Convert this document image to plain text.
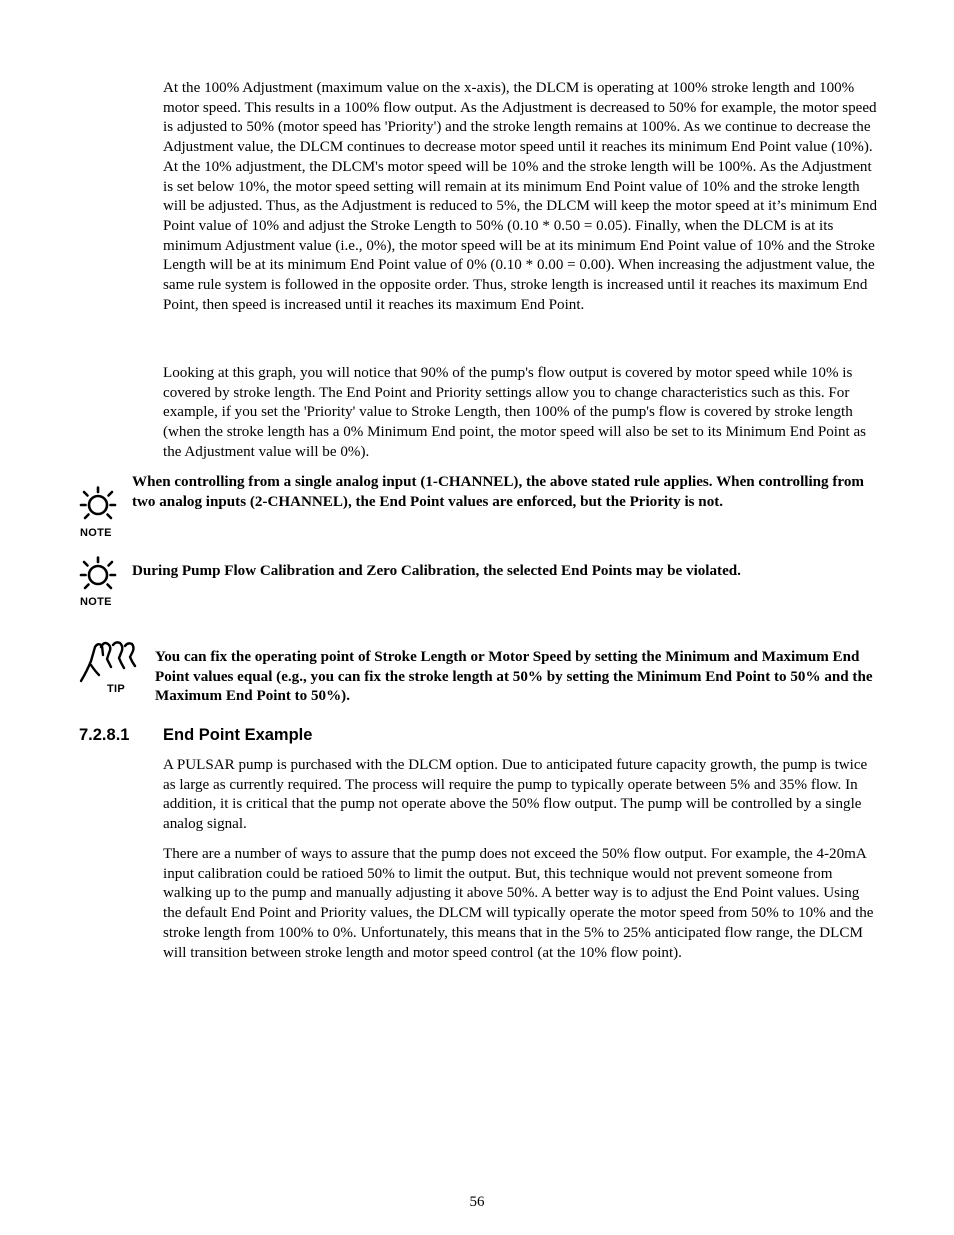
At the 100% Adjustment (maximum value on the x-axis), the DLCM is operating at 100% stroke length and 100% motor speed. This results in a 100% flow output. As the Adjustment is decreased to 50% for example, the motor speed is adjusted to 50% (motor speed has 'Priority') and the stroke length remains at 100%. As we continue to decrease the Adjustment value, the DLCM continues to decrease motor speed until it reaches its minimum End Point value (10%). At the 10% adjustment, the DLCM's motor speed will be 10% and the stroke length will be 100%. As the Adjustment is set below 10%, the motor speed setting will remain at its minimum End Point value of 10% and the stroke length will be adjusted. Thus, as the Adjustment is reduced to 5%, the DLCM will keep the motor speed at it’s minimum End Point value of 10% and adjust the Stroke Length to 50% (0.10 * 0.50 = 0.05). Finally, when the DLCM is at its minimum Adjustment value (i.e., 0%), the motor speed will be at its minimum End Point value of 10% and the Stroke Length will be at its minimum End Point value of 0% (0.10 * 0.00 = 0.00). When increasing the adjustment value, the same rule system is followed in the opposite order. Thus, stroke length is increased until it reaches its maximum End Point, then speed is increased until it reaches its maximum End Point.

Looking at this graph, you will notice that 90% of the pump's flow output is covered by motor speed while 10% is covered by stroke length. The End Point and Priority settings allow you to change characteristics such as this. For example, if you set the 'Priority' value to Stroke Length, then 100% of the pump's flow is covered by stroke length (when the stroke length has a 0% Minimum End point, the motor speed will also be set to its Minimum End Point as the Adjustment value will be 0%).

NOTE

When controlling from a single analog input (1-CHANNEL), the above stated rule applies. When controlling from two analog inputs (2-CHANNEL), the End Point values are enforced, but the Priority is not.

NOTE

During Pump Flow Calibration and Zero Calibration, the selected End Points may be violated.

TIP

You can fix the operating point of Stroke Length or Motor Speed by setting the Minimum and Maximum End Point values equal (e.g., you can fix the stroke length at 50% by setting the Minimum End Point to 50% and the Maximum End Point to 50%).

7.2.8.1 End Point Example

A PULSAR pump is purchased with the DLCM option. Due to anticipated future capacity growth, the pump is twice as large as currently required. The process will require the pump to typically operate between 5% and 35% flow. In addition, it is critical that the pump not operate above the 50% flow output. The pump will be controlled by a single analog signal.

There are a number of ways to assure that the pump does not exceed the 50% flow output. For example, the 4-20mA input calibration could be ratioed 50% to limit the output. But, this technique would not prevent someone from walking up to the pump and manually adjusting it above 50%. A better way is to adjust the End Point values. Using the default End Point and Priority values, the DLCM will typically operate the motor speed from 50% to 10% and the stroke length from 100% to 0%. Unfortunately, this means that in the 5% to 25% anticipated flow range, the DLCM will transition between stroke length and motor speed control (at the 10% flow point).

56
